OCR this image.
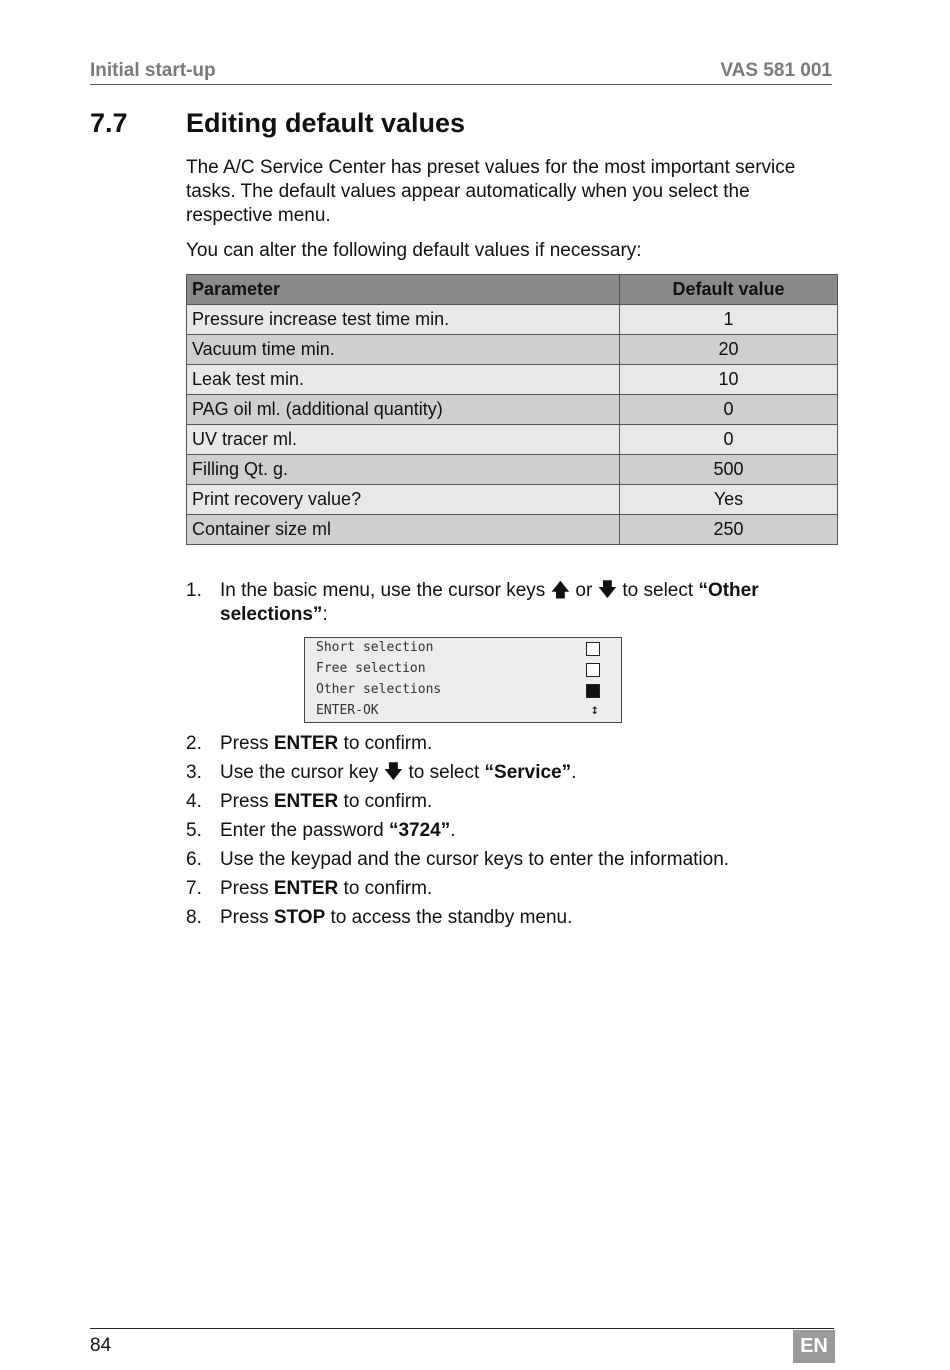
Initial start-up	VAS 581 001
7.7 Editing default values
The A/C Service Center has preset values for the most important service tasks. The default values appear automatically when you select the respective menu.
You can alter the following default values if necessary:
Parameter	Default value
Pressure increase test time min.	1
Vacuum time min.	20
Leak test min.	10
PAG oil ml. (additional quantity)	0
UV tracer ml.	0
Filling Qt. g.	500
Print recovery value?	Yes
Container size ml	250
1. In the basic menu, use the cursor keys 🡅 or 🡇 to select “Other selections”:
Short selection
Free selection
Other selections
ENTER-OK	↕
2. Press ENTER to confirm.
3. Use the cursor key 🡇 to select “Service”.
4. Press ENTER to confirm.
5. Enter the password “3724”.
6. Use the keypad and the cursor keys to enter the information.
7. Press ENTER to confirm.
8. Press STOP to access the standby menu.
84	EN
